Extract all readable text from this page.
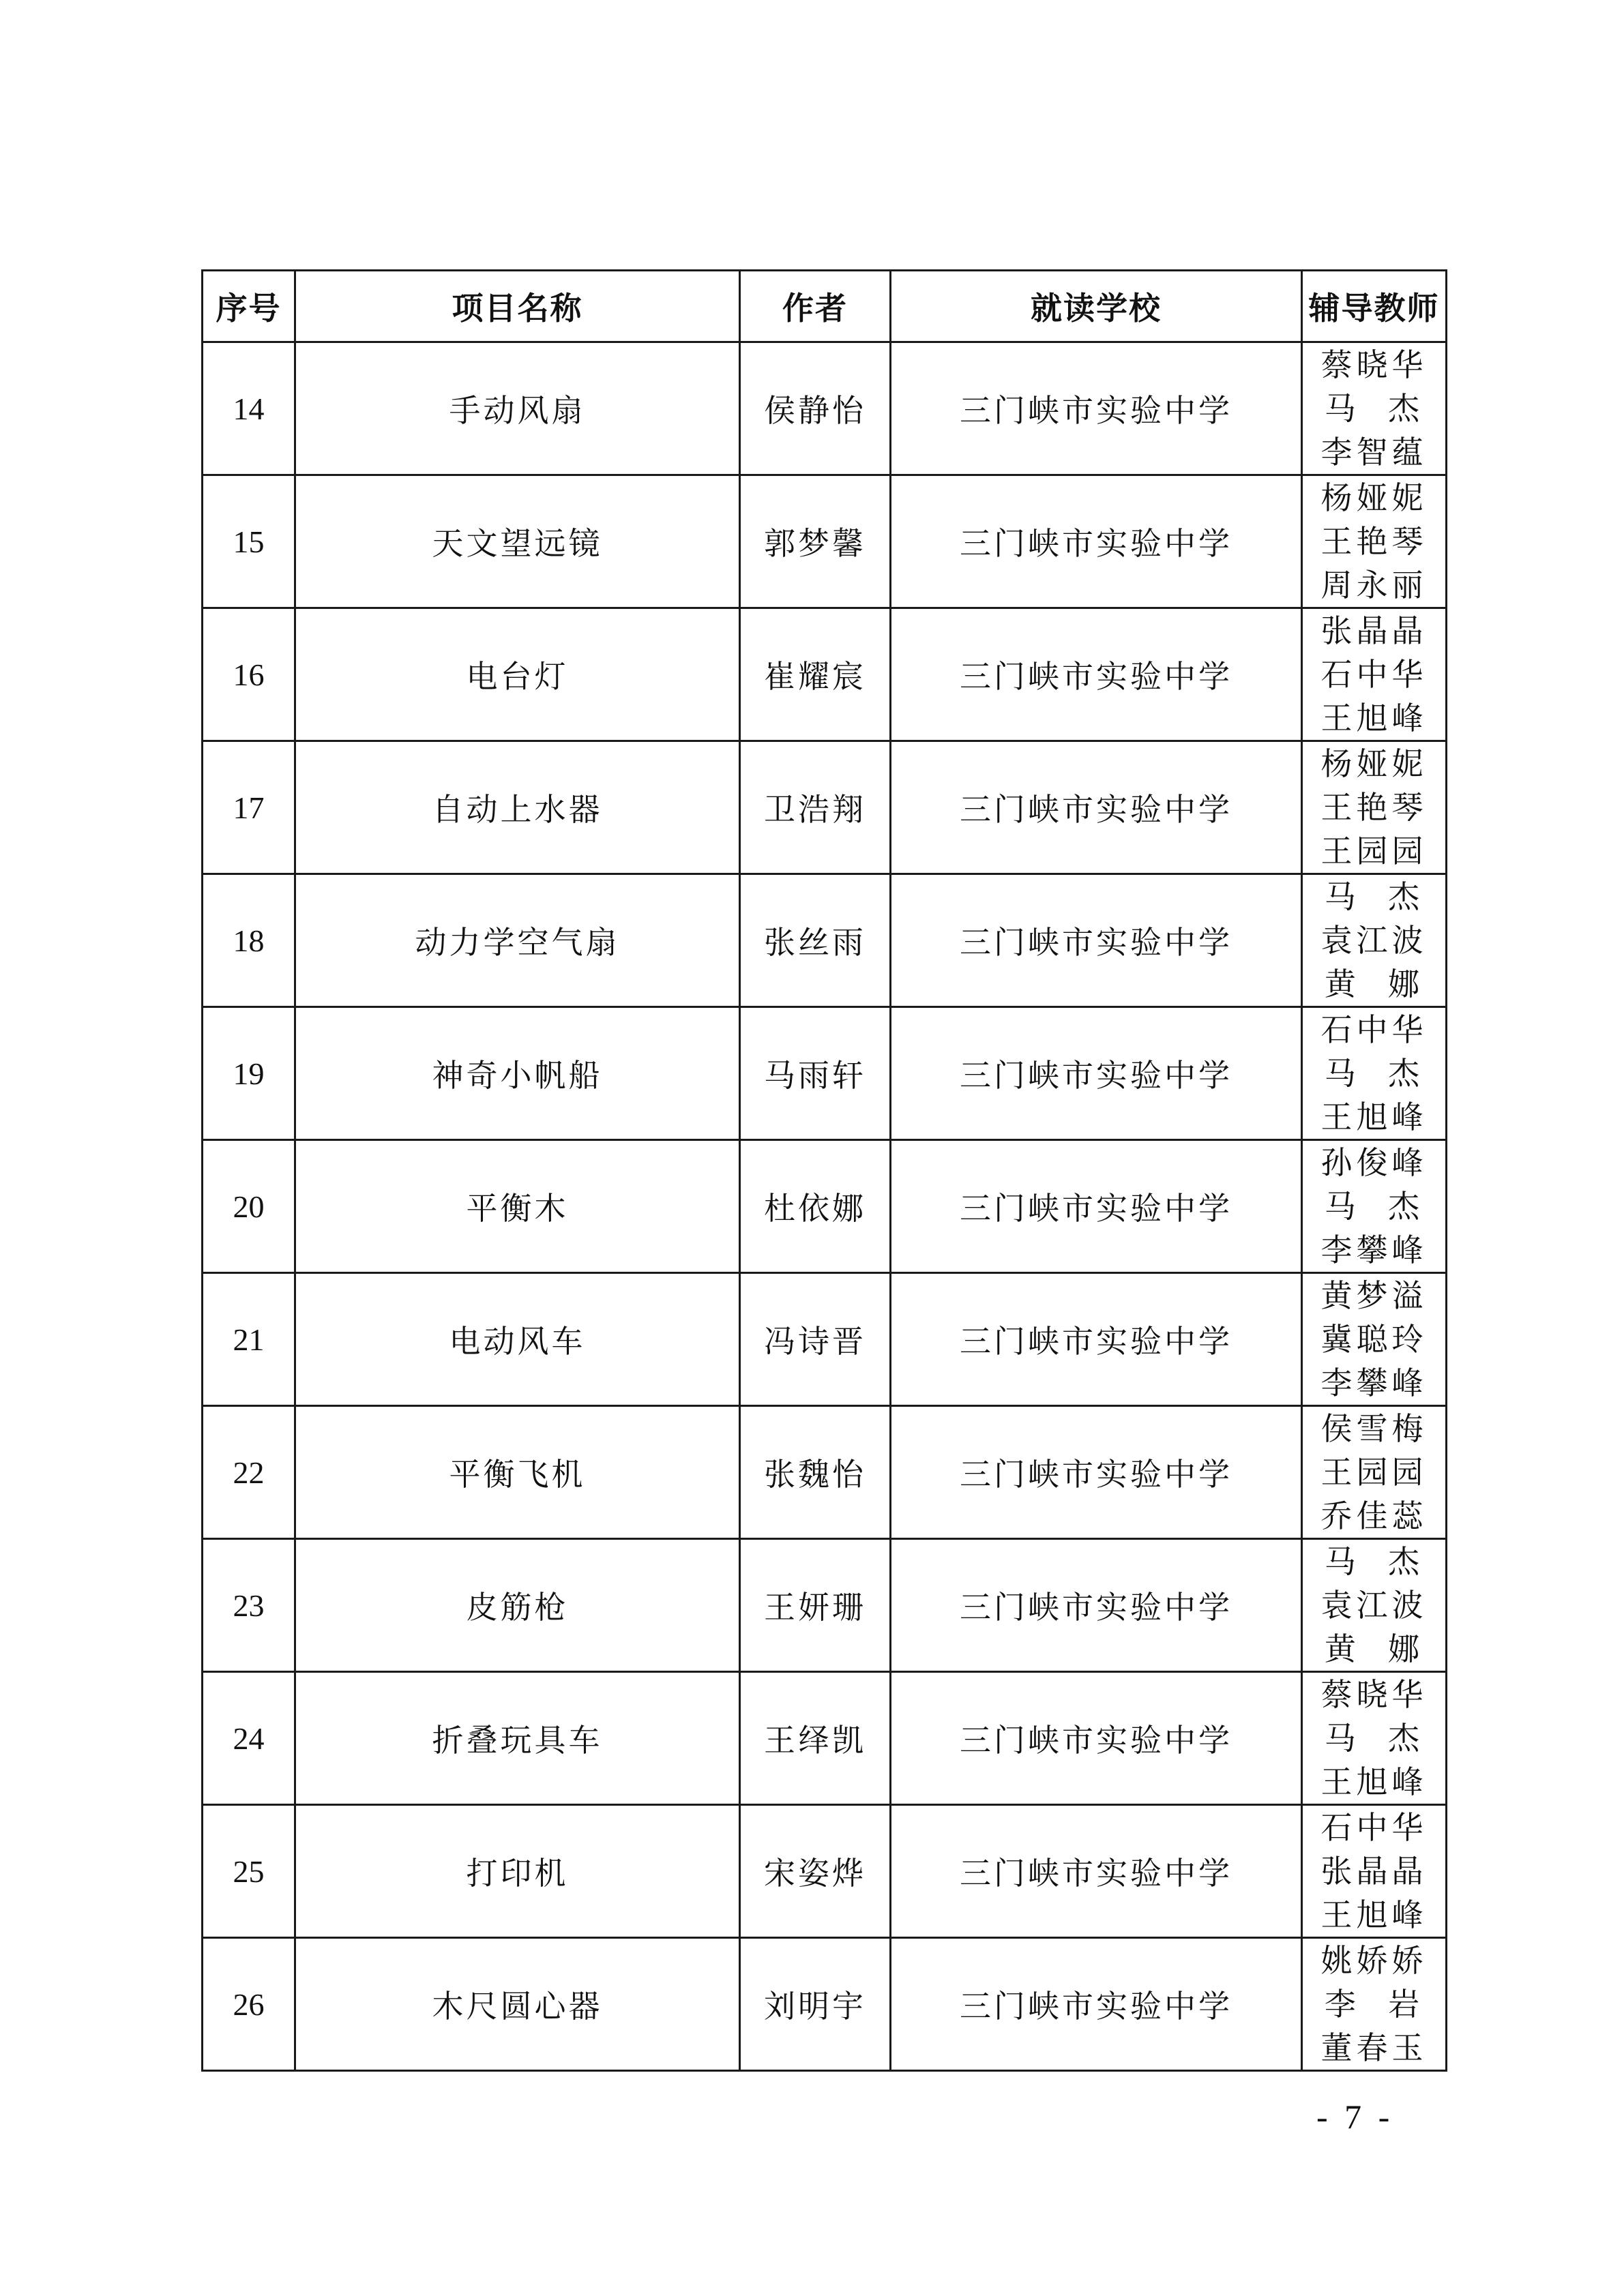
序号	项目名称	作者	就读学校	辅导教师
14	手动风扇	侯静怡	三门峡市实验中学	蔡晓华
马  杰
李智蕴

15	天文望远镜	郭梦馨	三门峡市实验中学	杨娅妮
王艳琴
周永丽

16	电台灯	崔耀宸	三门峡市实验中学	张晶晶
石中华
王旭峰

17	自动上水器	卫浩翔	三门峡市实验中学	杨娅妮
王艳琴
王园园

18	动力学空气扇	张丝雨	三门峡市实验中学	马  杰
袁江波
黄  娜

19	神奇小帆船	马雨轩	三门峡市实验中学	石中华
马  杰
王旭峰

20	平衡木	杜依娜	三门峡市实验中学	孙俊峰
马  杰
李攀峰

21	电动风车	冯诗晋	三门峡市实验中学	黄梦溢
冀聪玲
李攀峰

22	平衡飞机	张魏怡	三门峡市实验中学	侯雪梅
王园园
乔佳蕊

23	皮筋枪	王妍珊	三门峡市实验中学	马  杰
袁江波
黄  娜

24	折叠玩具车	王绎凯	三门峡市实验中学	蔡晓华
马  杰
王旭峰

25	打印机	宋姿烨	三门峡市实验中学	石中华
张晶晶
王旭峰

26	木尺圆心器	刘明宇	三门峡市实验中学	姚娇娇
李  岩
董春玉
- 7 -
